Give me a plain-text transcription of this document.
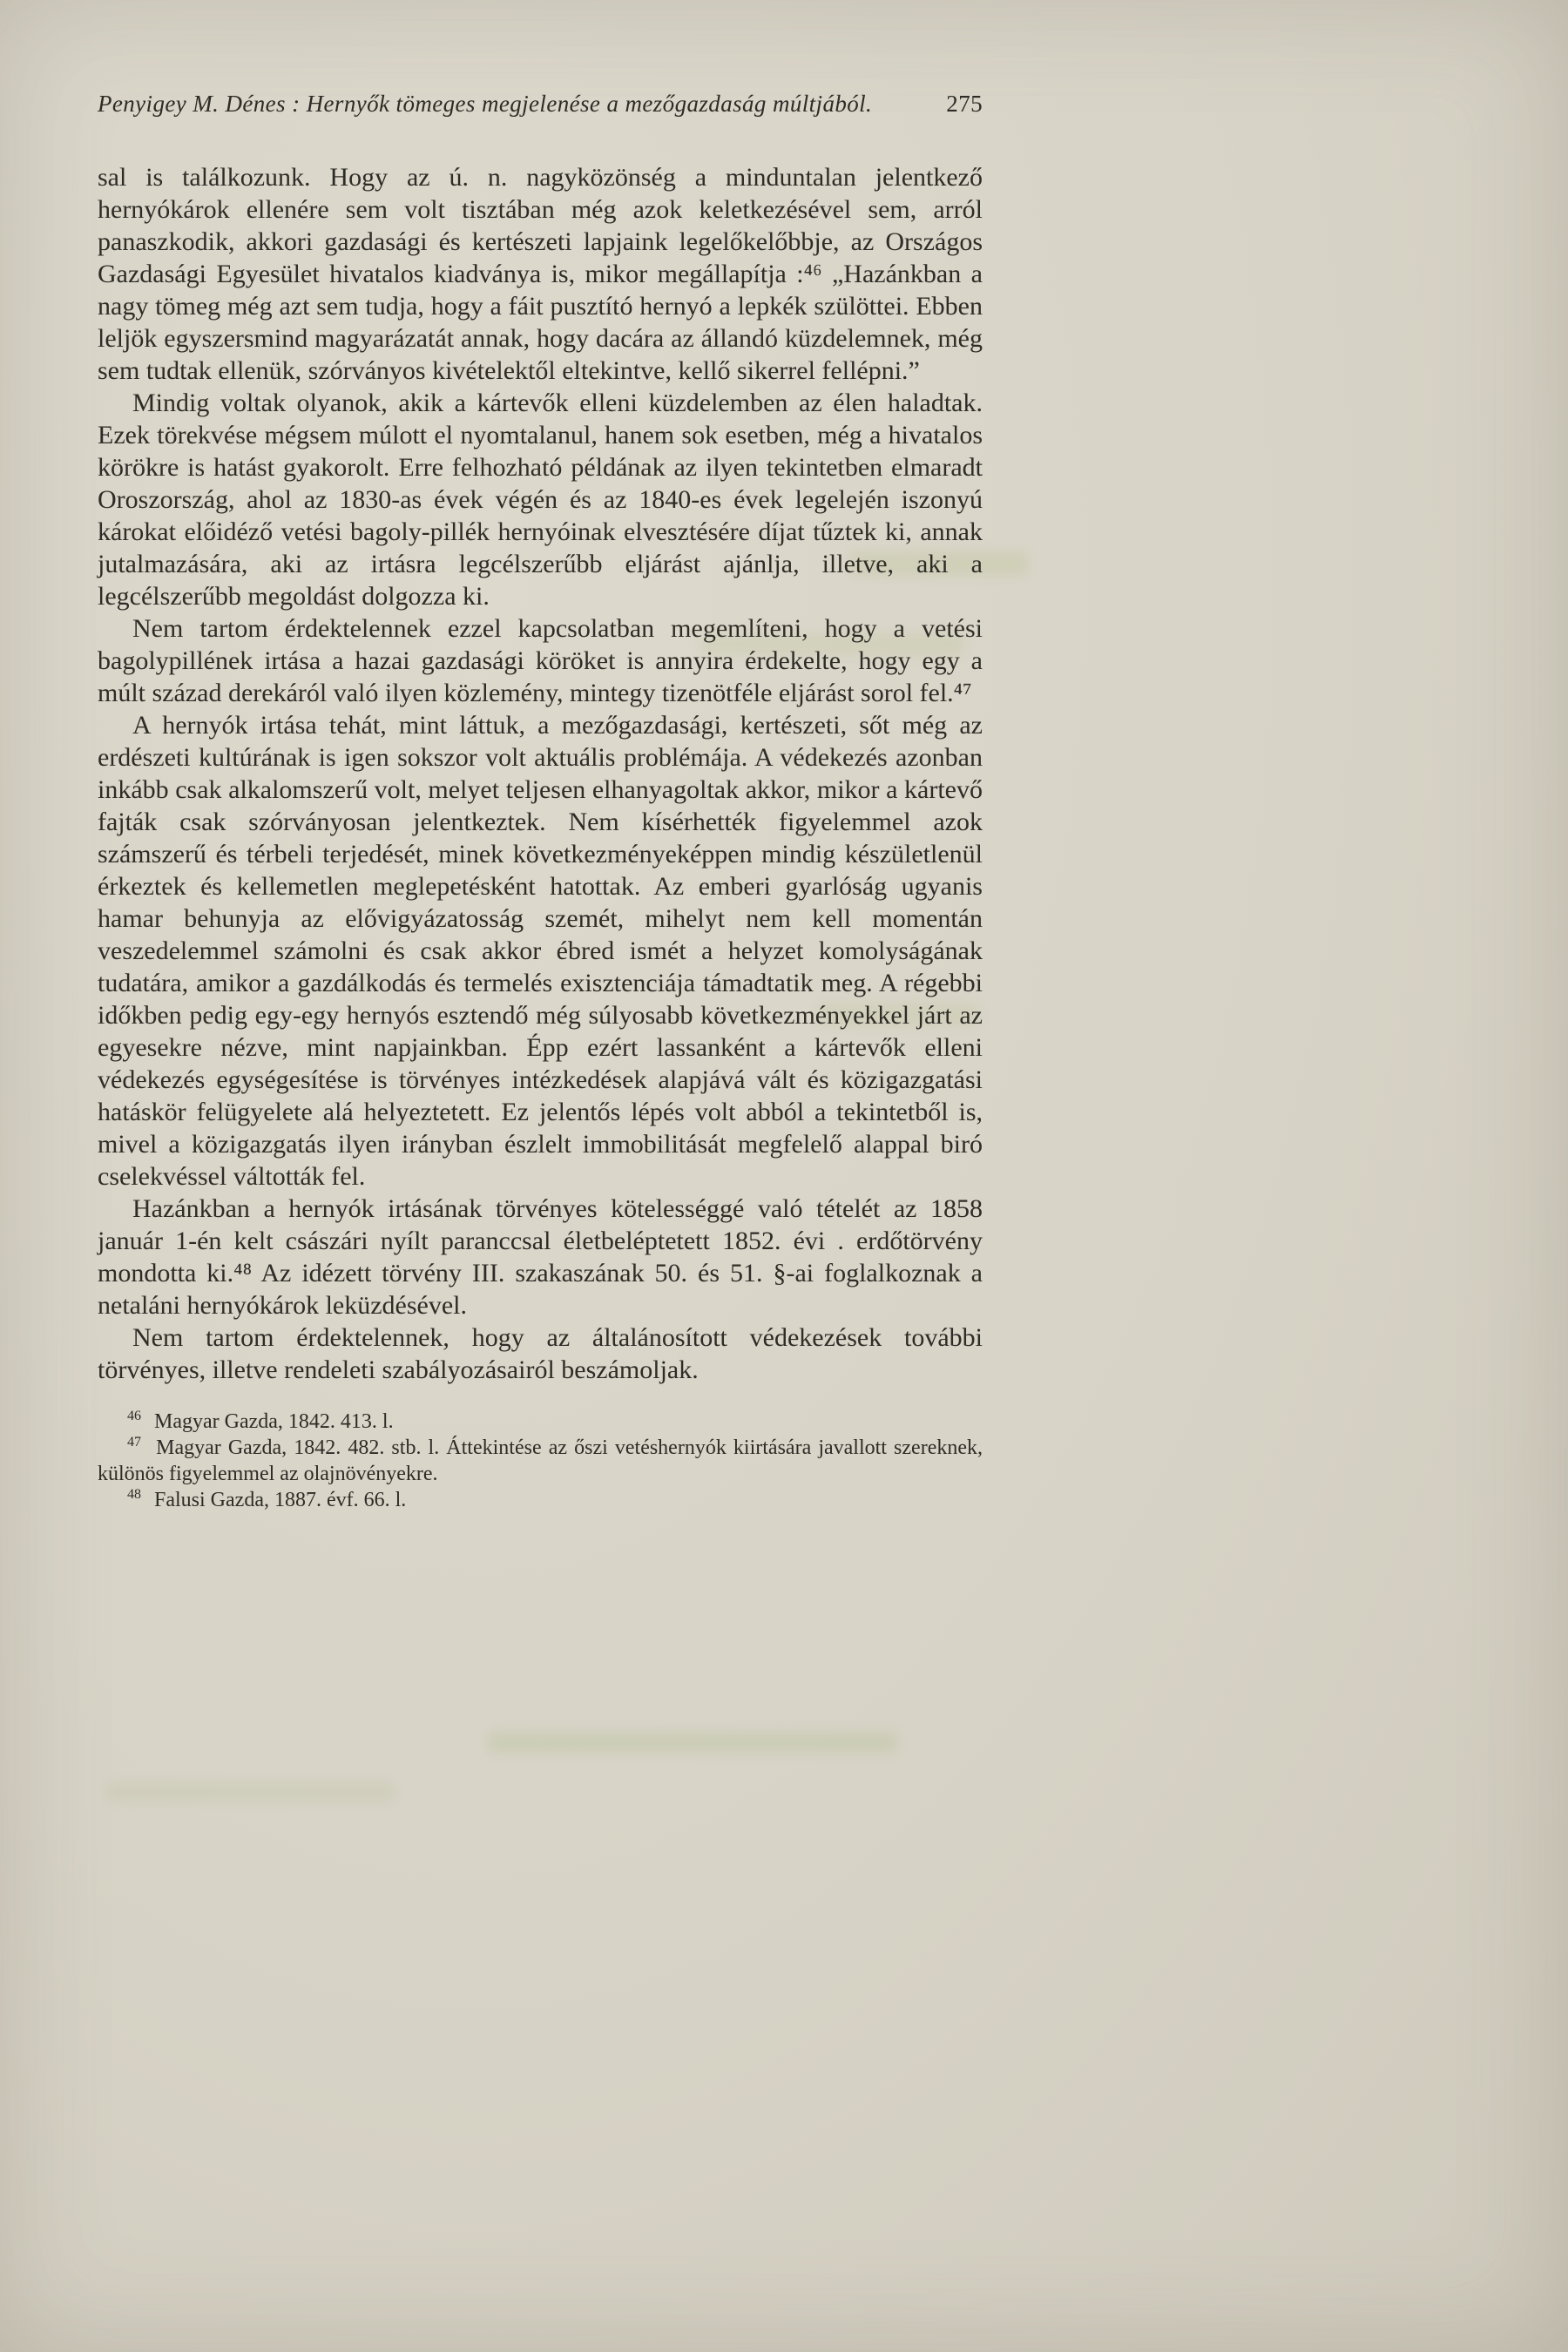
Penyigey M. Dénes : Hernyők tömeges megjelenése a mezőgazdaság múltjából.	275

sal is találkozunk. Hogy az ú. n. nagyközönség a minduntalan jelentkező hernyókárok ellenére sem volt tisztában még azok keletkezésével sem, arról panaszkodik, akkori gazdasági és kertészeti lapjaink legelőkelőbbje, az Országos Gazdasági Egyesület hivatalos kiadványa is, mikor megállapítja :⁴⁶ „Hazánkban a nagy tömeg még azt sem tudja, hogy a fáit pusztító hernyó a lepkék szülöttei. Ebben leljök egyszersmind magyarázatát annak, hogy dacára az állandó küzdelemnek, még sem tudtak ellenük, szórványos kivételektől eltekintve, kellő sikerrel fellépni.”

Mindig voltak olyanok, akik a kártevők elleni küzdelemben az élen haladtak. Ezek törekvése mégsem múlott el nyomtalanul, hanem sok esetben, még a hivatalos körökre is hatást gyakorolt. Erre felhozható példának az ilyen tekintetben elmaradt Oroszország, ahol az 1830-as évek végén és az 1840-es évek legelején iszonyú károkat előidéző vetési bagoly-pillék hernyóinak elvesztésére díjat tűztek ki, annak jutalmazására, aki az irtásra legcélszerűbb eljárást ajánlja, illetve, aki a legcélszerűbb megoldást dolgozza ki.

Nem tartom érdektelennek ezzel kapcsolatban megemlíteni, hogy a vetési bagolypillének irtása a hazai gazdasági köröket is annyira érdekelte, hogy egy a múlt század derekáról való ilyen közlemény, mintegy tizenötféle eljárást sorol fel.⁴⁷

A hernyók irtása tehát, mint láttuk, a mezőgazdasági, kertészeti, sőt még az erdészeti kultúrának is igen sokszor volt aktuális problémája. A védekezés azonban inkább csak alkalomszerű volt, melyet teljesen elhanyagoltak akkor, mikor a kártevő fajták csak szórványosan jelentkeztek. Nem kísérhették figyelemmel azok számszerű és térbeli terjedését, minek következményeképpen mindig készületlenül érkeztek és kellemetlen meglepetésként hatottak. Az emberi gyarlóság ugyanis hamar behunyja az elővigyázatosság szemét, mihelyt nem kell momentán veszedelemmel számolni és csak akkor ébred ismét a helyzet komolyságának tudatára, amikor a gazdálkodás és termelés exisztenciája támadtatik meg. A régebbi időkben pedig egy-egy hernyós esztendő még súlyosabb következményekkel járt az egyesekre nézve, mint napjainkban. Épp ezért lassanként a kártevők elleni védekezés egységesítése is törvényes intézkedések alapjává vált és közigazgatási hatáskör felügyelete alá helyeztetett. Ez jelentős lépés volt abból a tekintetből is, mivel a közigazgatás ilyen irányban észlelt immobilitását megfelelő alappal biró cselekvéssel váltották fel.

Hazánkban a hernyók irtásának törvényes kötelességgé való tételét az 1858 január 1-én kelt császári nyílt paranccsal életbeléptetett 1852. évi . erdőtörvény mondotta ki.⁴⁸ Az idézett törvény III. szakaszának 50. és 51. §-ai foglalkoznak a netaláni hernyókárok leküzdésével.

Nem tartom érdektelennek, hogy az általánosított védekezések további törvényes, illetve rendeleti szabályozásairól beszámoljak.

$^{46}$ Magyar Gazda, 1842. 413. l.

$^{47}$ Magyar Gazda, 1842. 482. stb. l. Áttekintése az őszi vetéshernyók kiirtására javallott szereknek, különös figyelemmel az olajnövényekre.

$^{48}$ Falusi Gazda, 1887. évf. 66. l.
